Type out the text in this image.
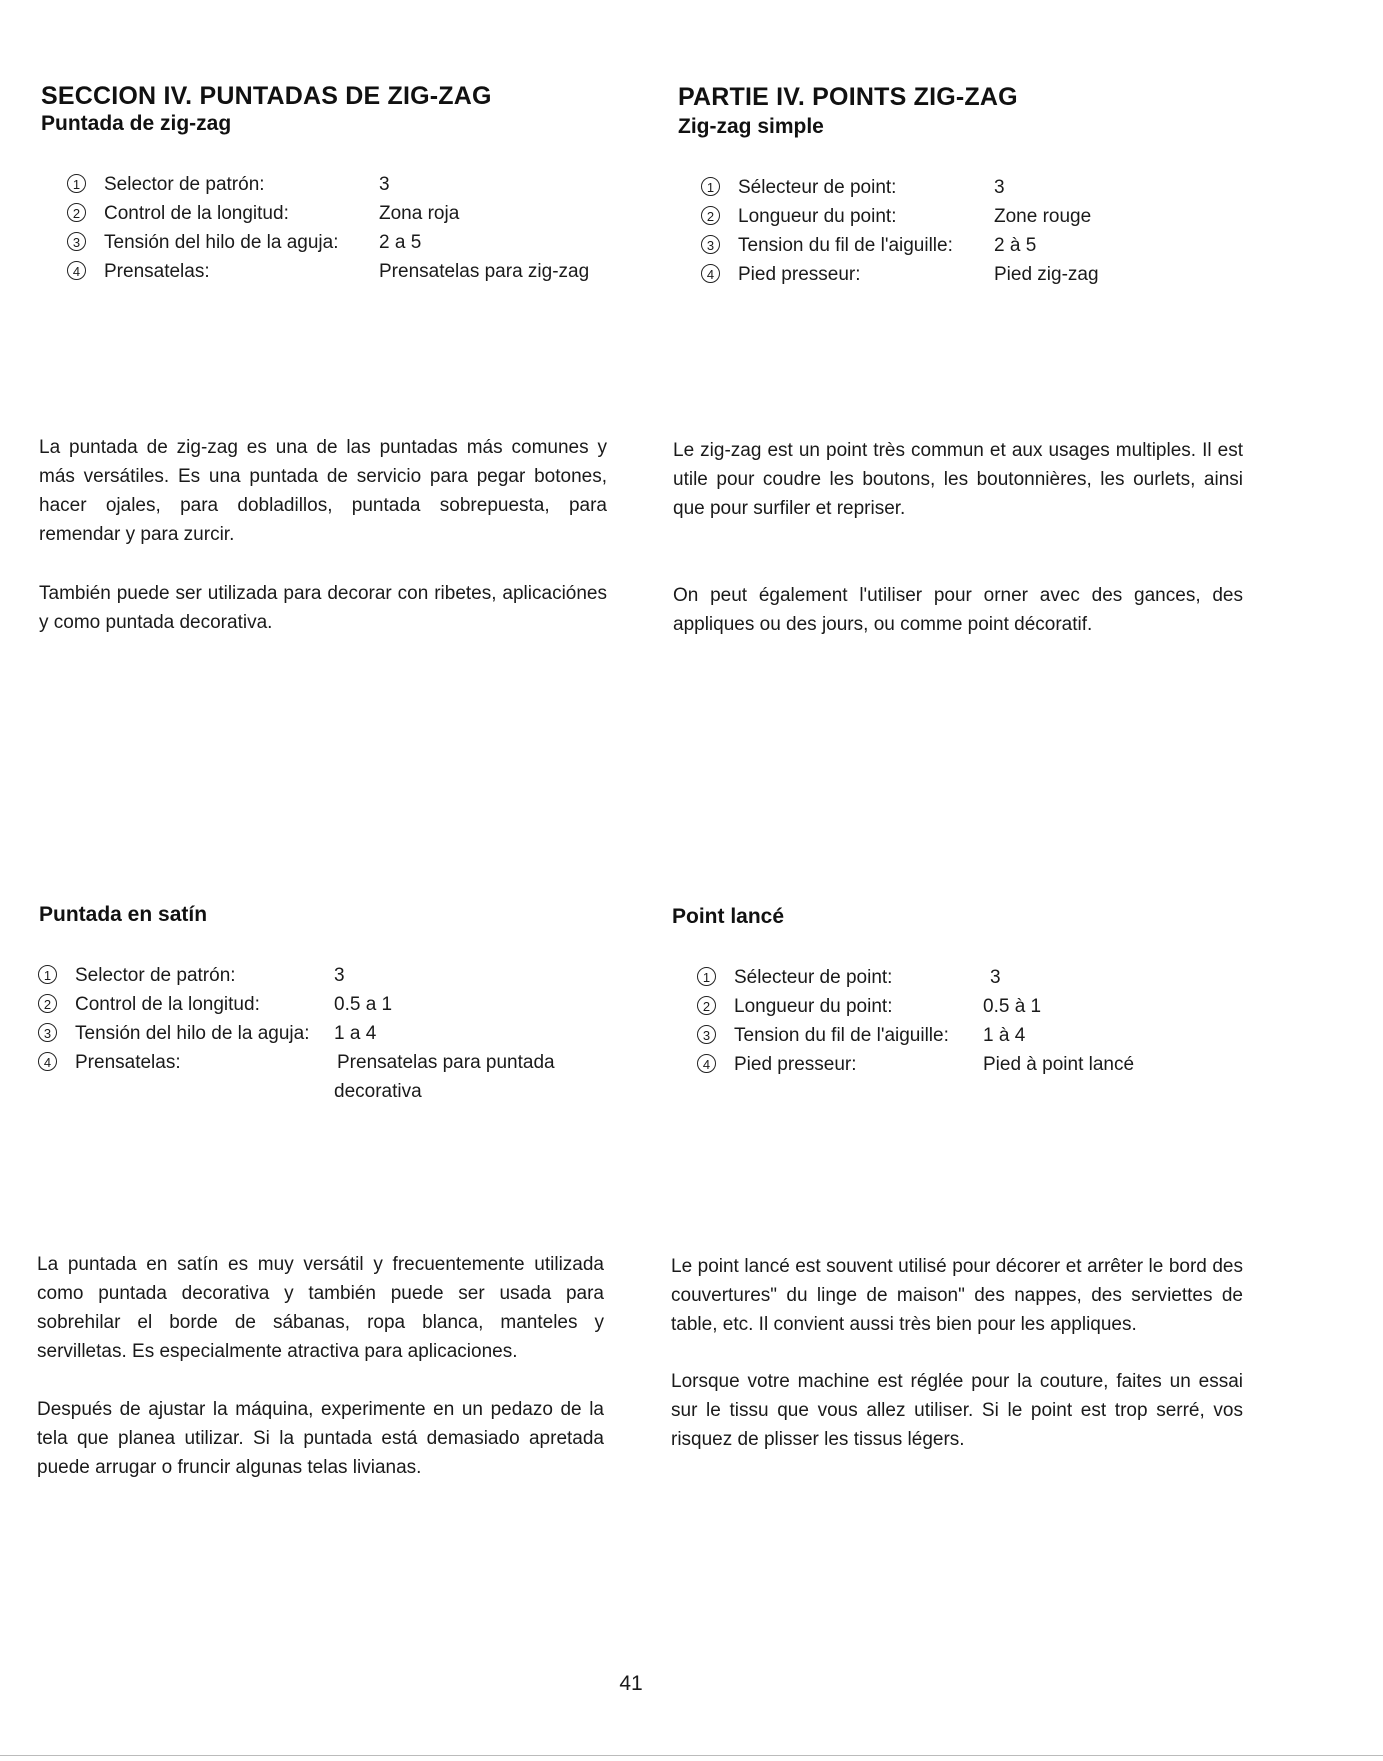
SECCION IV. PUNTADAS DE ZIG-ZAG
Puntada de zig-zag
1	Selector de patrón:	3
2	Control de la longitud:	Zona roja
3	Tensión del hilo de la aguja: 2 a 5
4	Prensatelas:	Prensatelas para zig-zag

La puntada de zig-zag es una de las puntadas más comunes y más versátiles. Es una puntada de servicio para pegar botones, hacer ojales, para dobladillos, puntada sobrepuesta, para remendar y para zurcir.

También puede ser utilizada para decorar con ribetes, aplicaciónes y como puntada decorativa.

Puntada en satín
1	Selector de patrón:	3
2	Control de la longitud:	0.5 a 1
3	Tensión del hilo de la aguja: 1 a 4
4	Prensatelas:	Prensatelas para puntada
decorativa

La puntada en satín es muy versátil y frecuentemente utilizada como puntada decorativa y también puede ser usada para sobrehilar el borde de sábanas, ropa blanca, manteles y servilletas. Es especialmente atractiva para aplicaciones.

Después de ajustar la máquina, experimente en un pedazo de la tela que planea utilizar. Si la puntada está demasiado apretada puede arrugar o fruncir algunas telas livianas.

PARTIE IV. POINTS ZIG-ZAG
Zig-zag simple
1	Sélecteur de point:	3
2	Longueur du point:	Zone rouge
3	Tension du fil de l'aiguille: 2 à 5
4	Pied presseur:	Pied zig-zag

Le zig-zag est un point très commun et aux usages multiples. Il est utile pour coudre les boutons, les boutonnières, les ourlets, ainsi que pour surfiler et repriser.

On peut également l'utiliser pour orner avec des gances, des appliques ou des jours, ou comme point décoratif.

Point lancé
1	Sélecteur de point:	3
2	Longueur du point:	0.5 à 1
3	Tension du fil de l'aiguille: 1 à 4
4	Pied presseur:	Pied à point lancé

Le point lancé est souvent utilisé pour décorer et arrêter le bord des couvertures" du linge de maison" des nappes, des serviettes de table, etc. Il convient aussi très bien pour les appliques.

Lorsque votre machine est réglée pour la couture, faites un essai sur le tissu que vous allez utiliser. Si le point est trop serré, vos risquez de plisser les tissus légers.

41
